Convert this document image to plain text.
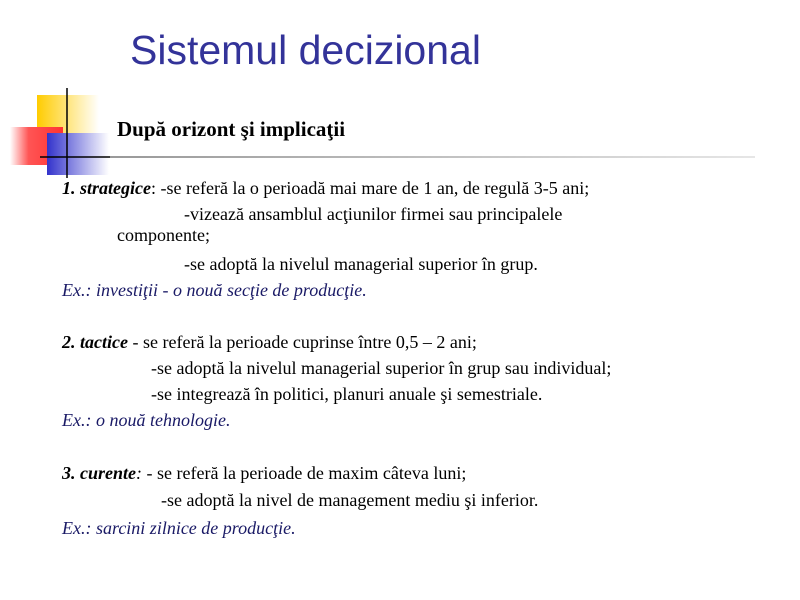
Sistemul decizional
După orizont şi implicaţii
1. strategice: -se referă la o perioadă mai mare de 1 an, de regulă 3-5 ani;
-vizează ansamblul acţiunilor firmei sau principalele
componente;
-se adoptă la nivelul managerial superior în grup.
Ex.: investiţii - o nouă secţie de producţie.
2. tactice - se referă la perioade cuprinse între 0,5 – 2 ani;
-se adoptă la nivelul managerial superior în grup sau individual;
-se integrează în politici, planuri anuale şi semestriale.
Ex.: o nouă tehnologie.
3. curente: - se referă la perioade de maxim câteva luni;
-se adoptă la nivel de management mediu şi inferior.
Ex.: sarcini zilnice de producţie.
